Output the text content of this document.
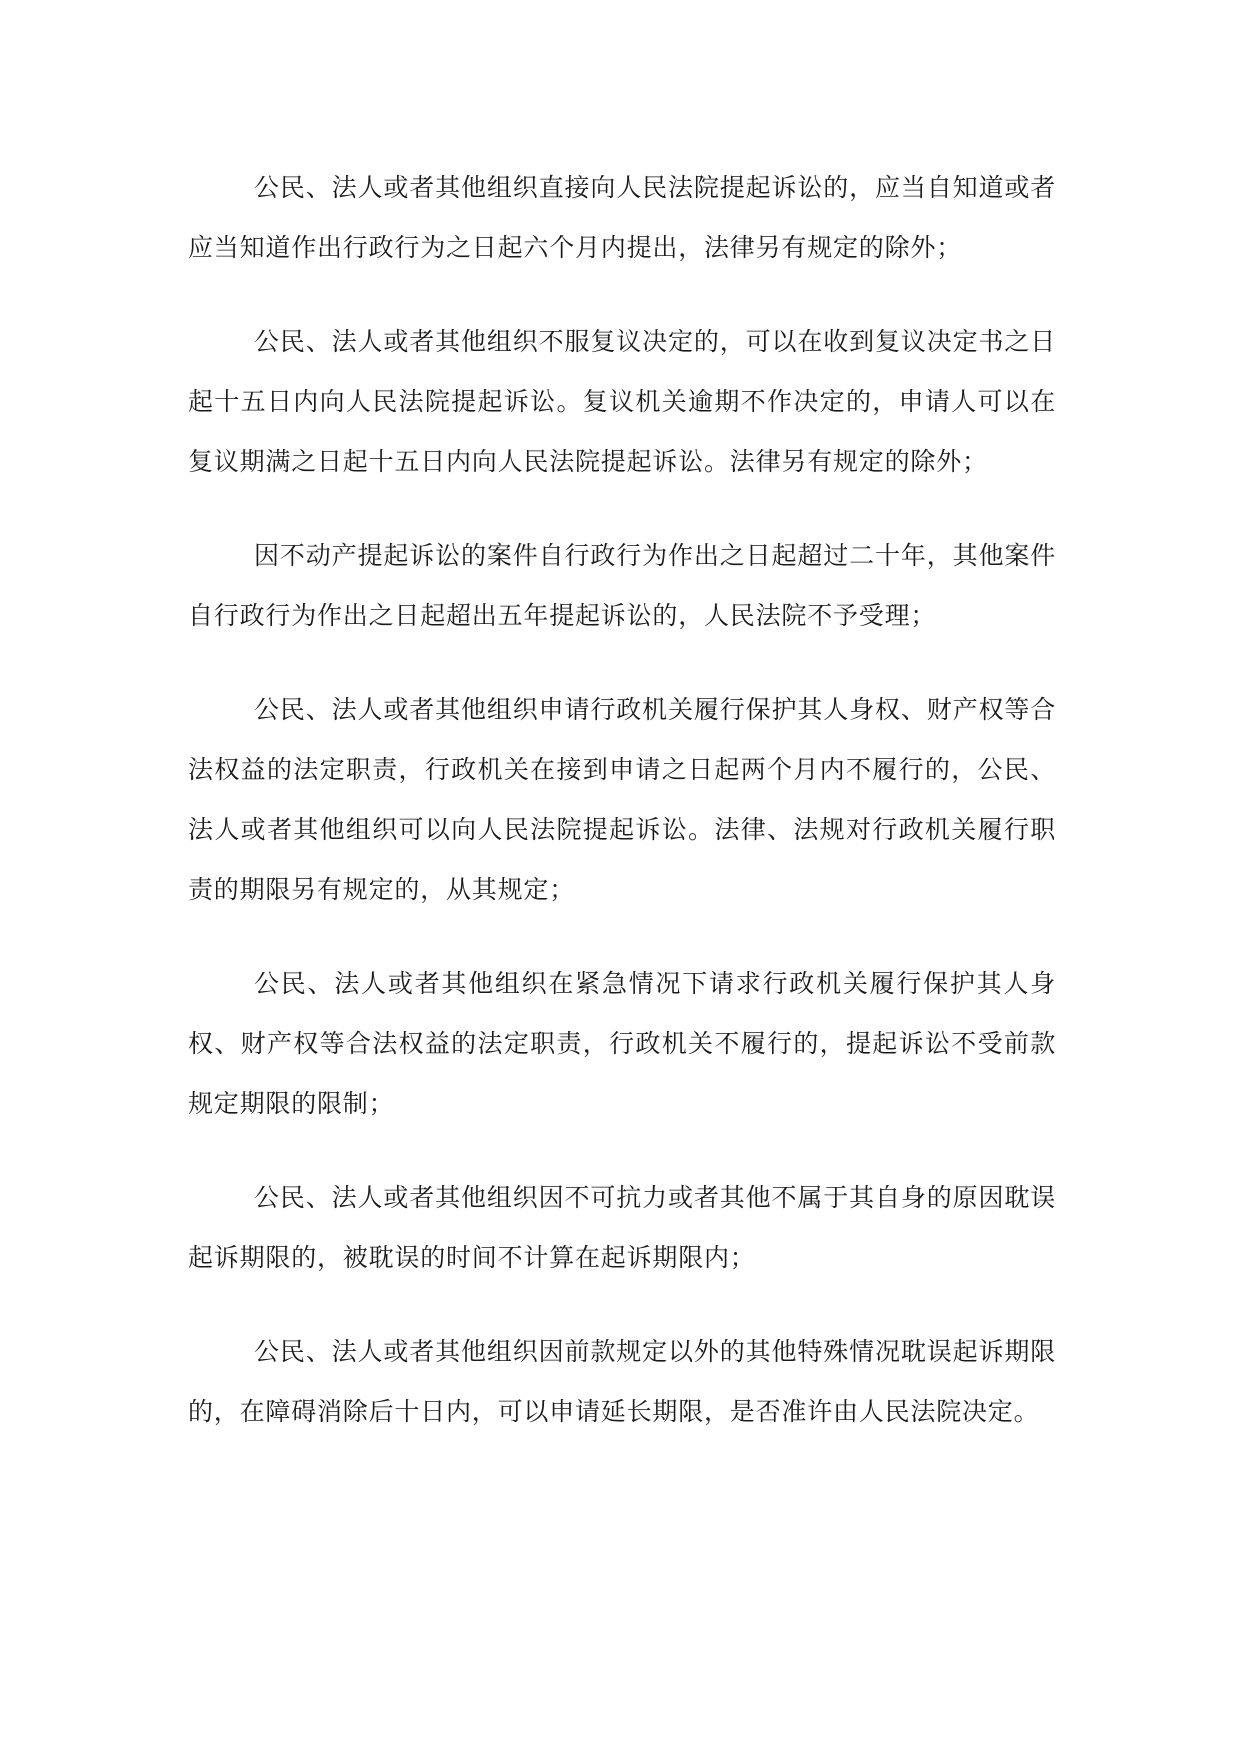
公民、法人或者其他组织直接向人民法院提起诉讼的，应当自知道或者应当知道作出行政行为之日起六个月内提出，法律另有规定的除外；

公民、法人或者其他组织不服复议决定的，可以在收到复议决定书之日起十五日内向人民法院提起诉讼。复议机关逾期不作决定的，申请人可以在复议期满之日起十五日内向人民法院提起诉讼。法律另有规定的除外；

因不动产提起诉讼的案件自行政行为作出之日起超过二十年，其他案件自行政行为作出之日起超出五年提起诉讼的，人民法院不予受理；

公民、法人或者其他组织申请行政机关履行保护其人身权、财产权等合法权益的法定职责，行政机关在接到申请之日起两个月内不履行的，公民、法人或者其他组织可以向人民法院提起诉讼。法律、法规对行政机关履行职责的期限另有规定的，从其规定；

公民、法人或者其他组织在紧急情况下请求行政机关履行保护其人身权、财产权等合法权益的法定职责，行政机关不履行的，提起诉讼不受前款规定期限的限制；

公民、法人或者其他组织因不可抗力或者其他不属于其自身的原因耽误起诉期限的，被耽误的时间不计算在起诉期限内；

公民、法人或者其他组织因前款规定以外的其他特殊情况耽误起诉期限的，在障碍消除后十日内，可以申请延长期限，是否准许由人民法院决定。
